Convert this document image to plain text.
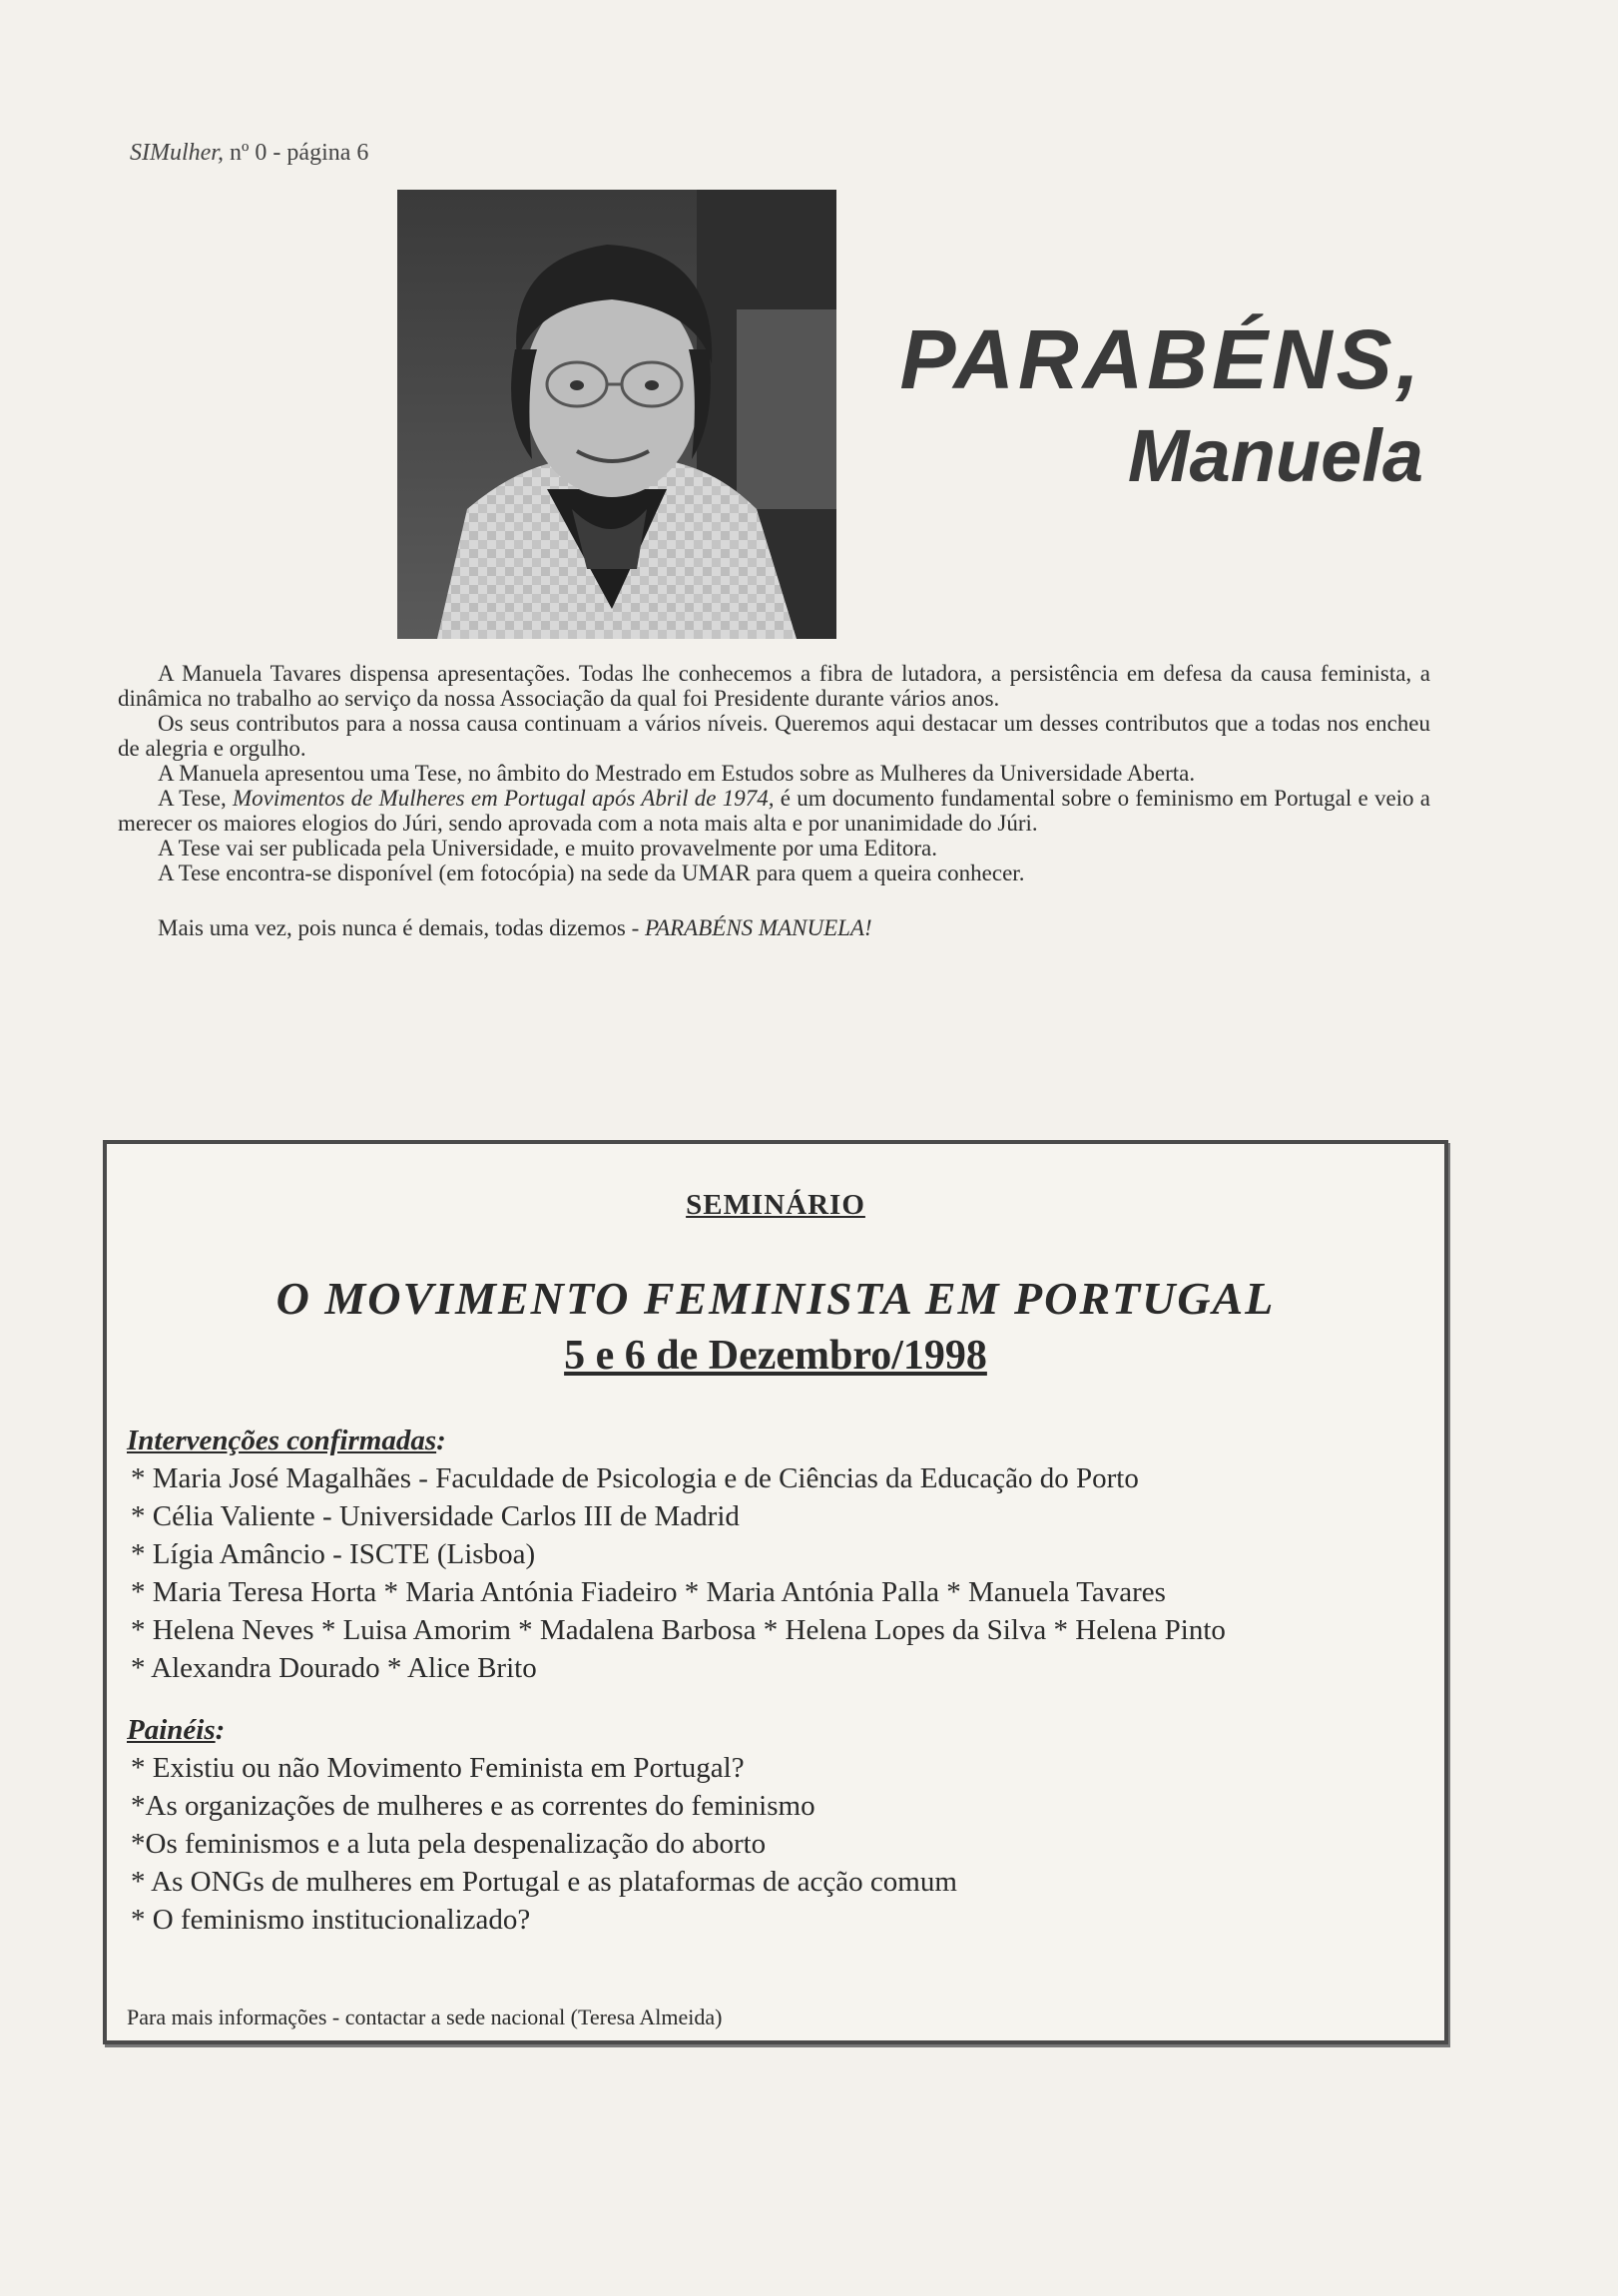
SIMulher, nº 0 - página 6
PARABÉNS,
Manuela

A Manuela Tavares dispensa apresentações. Todas lhe conhecemos a fibra de lutadora, a persistência em defesa da causa feminista, a dinâmica no trabalho ao serviço da nossa Associação da qual foi Presidente durante vários anos.

Os seus contributos para a nossa causa continuam a vários níveis. Queremos aqui destacar um desses contributos que a todas nos encheu de alegria e orgulho.

A Manuela apresentou uma Tese, no âmbito do Mestrado em Estudos sobre as Mulheres da Universidade Aberta.

A Tese, Movimentos de Mulheres em Portugal após Abril de 1974, é um documento fundamental sobre o feminismo em Portugal e veio a merecer os maiores elogios do Júri, sendo aprovada com a nota mais alta e por unanimidade do Júri.

A Tese vai ser publicada pela Universidade, e muito provavelmente por uma Editora.

A Tese encontra-se disponível (em fotocópia) na sede da UMAR para quem a queira conhecer.

Mais uma vez, pois nunca é demais, todas dizemos - PARABÉNS MANUELA!

SEMINÁRIO
O MOVIMENTO FEMINISTA EM PORTUGAL
5 e 6 de Dezembro/1998
Intervenções confirmadas:
* Maria José Magalhães - Faculdade de Psicologia e de Ciências da Educação do Porto
* Célia Valiente - Universidade Carlos III de Madrid
* Lígia Amâncio - ISCTE (Lisboa)
* Maria Teresa Horta * Maria Antónia Fiadeiro * Maria Antónia Palla * Manuela Tavares
* Helena Neves * Luisa Amorim * Madalena Barbosa * Helena Lopes da Silva * Helena Pinto
* Alexandra Dourado * Alice Brito
Painéis:
* Existiu ou não Movimento Feminista em Portugal?
*As organizações de mulheres e as correntes do feminismo
*Os feminismos e a luta pela despenalização do aborto
* As ONGs de mulheres em Portugal e as plataformas de acção comum
* O feminismo institucionalizado?
Para mais informações - contactar a sede nacional (Teresa Almeida)
